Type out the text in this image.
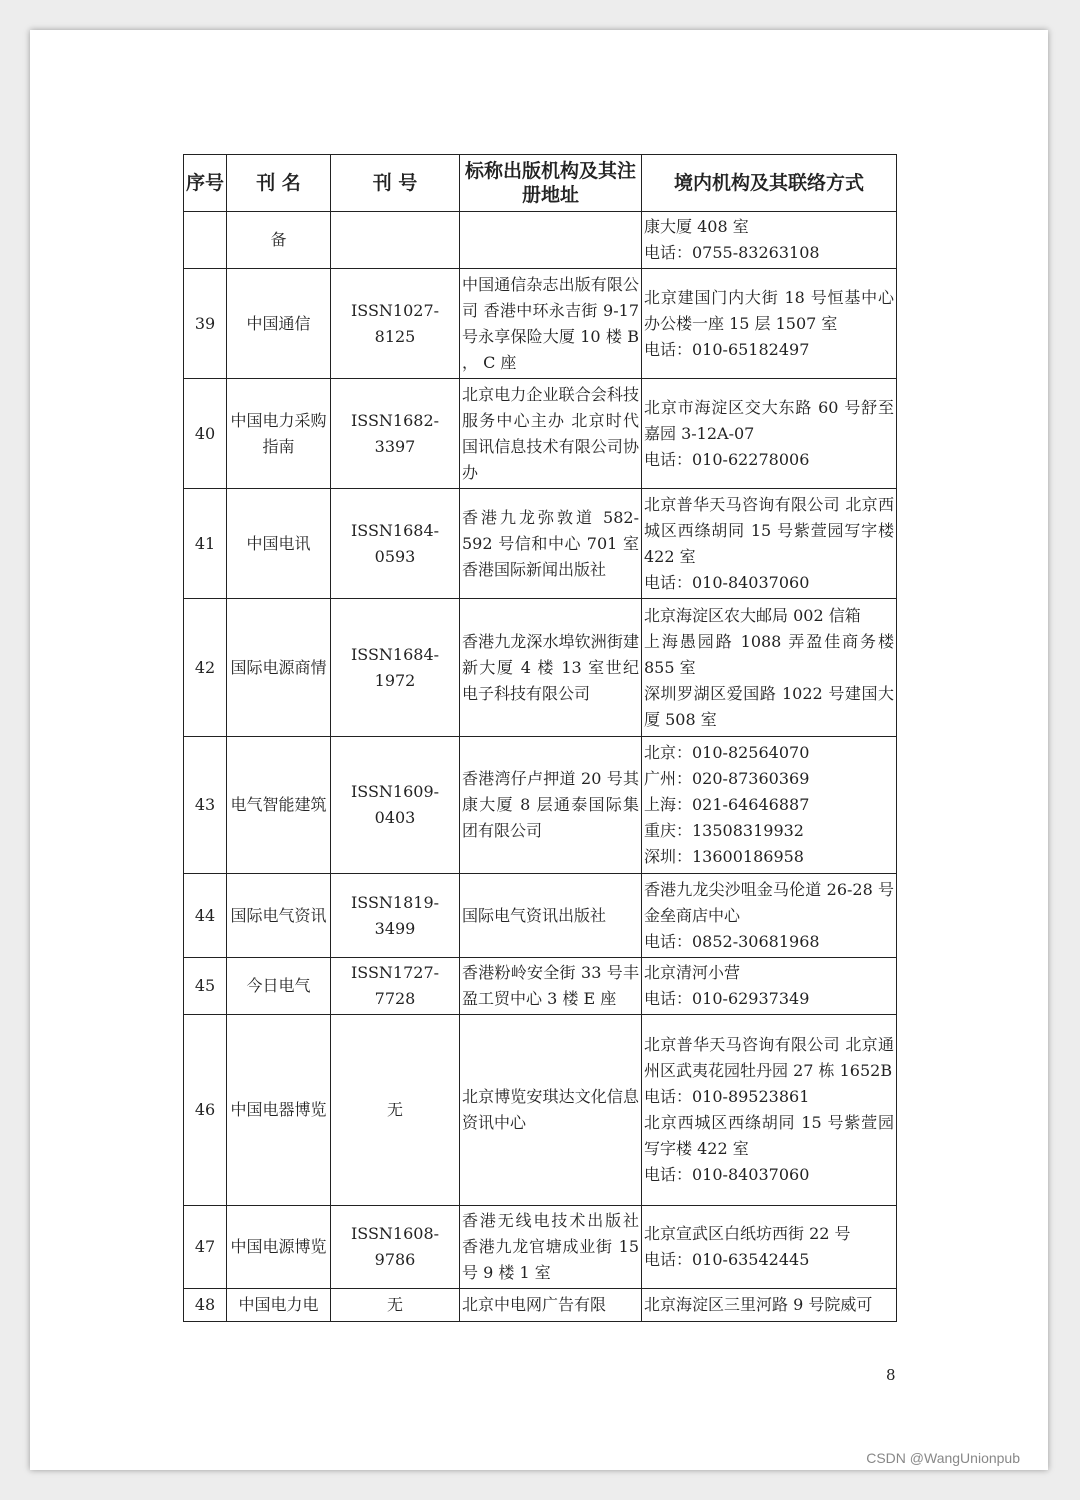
序号	刊 名	刊 号	标称出版机构及其注册地址	境内机构及其联络方式
	备			康大厦 408 室
电话：0755-83263108

39	中国通信	ISSN1027-8125	中国通信杂志出版有限公司 香港中环永吉街 9-17 号永享保险大厦 10 楼 B ， C 座	北京建国门内大街 18 号恒基中心办公楼一座 15 层 1507 室
电话：010-65182497

40	中国电力采购指南	ISSN1682-3397	北京电力企业联合会科技服务中心主办 北京时代国讯信息技术有限公司协办	北京市海淀区交大东路 60 号舒至嘉园 3-12A-07
电话：010-62278006

41	中国电讯	ISSN1684-0593	香港九龙弥敦道 582-592 号信和中心 701 室香港国际新闻出版社	北京普华天马咨询有限公司 北京西城区西绦胡同 15 号紫萱园写字楼 422 室
电话：010-84037060

42	国际电源商情	ISSN1684-1972	香港九龙深水埠钦洲街建新大厦 4 楼 13 室世纪电子科技有限公司	北京海淀区农大邮局 002 信箱
上海愚园路 1088 弄盈佳商务楼 855 室
深圳罗湖区爱国路 1022 号建国大厦 508 室

43	电气智能建筑	ISSN1609-0403	香港湾仔卢押道 20 号其康大厦 8 层通泰国际集团有限公司	北京：010-82564070
广州：020-87360369
上海：021-64646887
重庆：13508319932
深圳：13600186958

44	国际电气资讯	ISSN1819-3499	国际电气资讯出版社	香港九龙尖沙咀金马伦道 26-28 号金垒商店中心
电话：0852-30681968

45	今日电气	ISSN1727-7728	香港粉岭安全街 33 号丰盈工贸中心 3 楼 E 座	北京清河小营
电话：010-62937349

46	中国电器博览	无	北京博览安琪达文化信息资讯中心	北京普华天马咨询有限公司 北京通州区武夷花园牡丹园 27 栋 1652B
电话：010-89523861
北京西城区西绦胡同 15 号紫萱园写字楼 422 室
电话：010-84037060

47	中国电源博览	ISSN1608-9786	香港无线电技术出版社 香港九龙官塘成业街 15 号 9 楼 1 室	北京宣武区白纸坊西街 22 号
电话：010-63542445

48	中国电力电	无	北京中电网广告有限	北京海淀区三里河路 9 号院威可
8
CSDN @WangUnionpub
